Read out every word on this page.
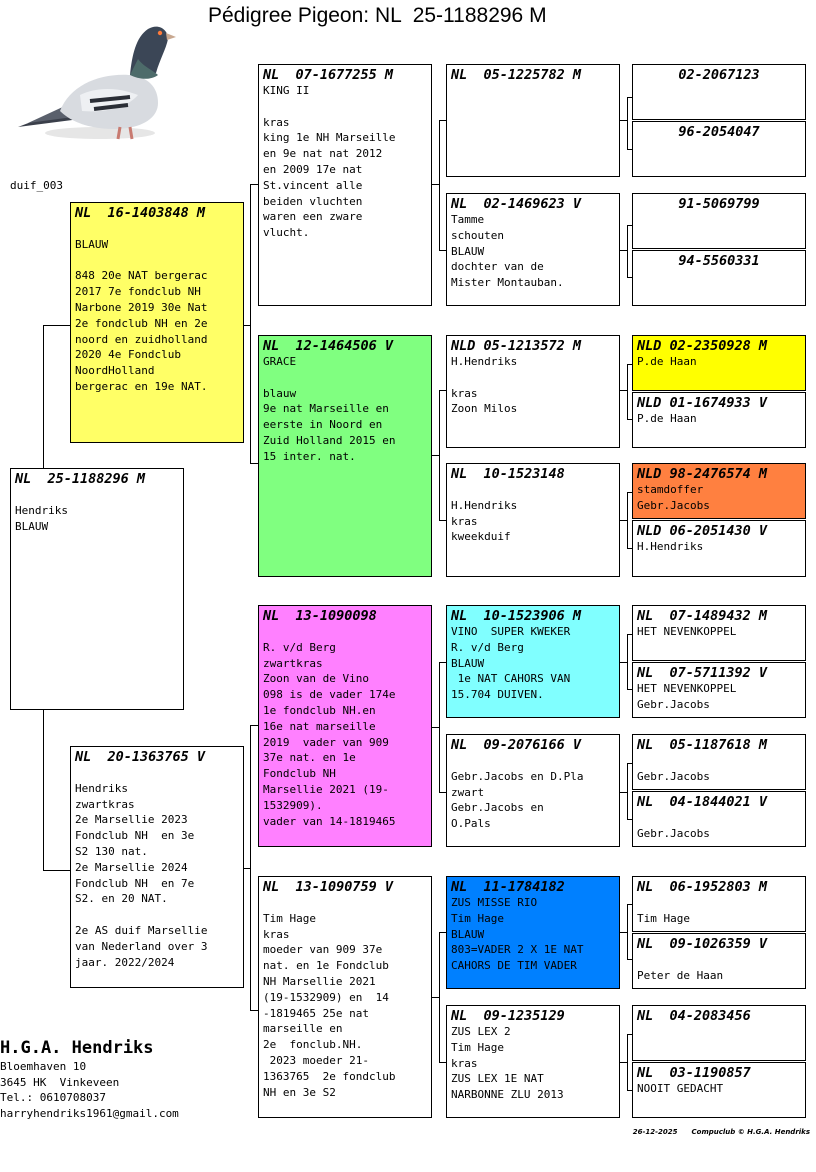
Pédigree Pigeon: NL  25-1188296 M
duif_003
NL  25-1188296 M

Hendriks
BLAUW
NL  16-1403848 M

BLAUW

848 20e NAT bergerac
2017 7e fondclub NH
Narbone 2019 30e Nat
2e fondclub NH en 2e
noord en zuidholland
2020 4e Fondclub
NoordHolland
bergerac en 19e NAT.
NL  20-1363765 V

Hendriks
zwartkras
2e Marsellie 2023
Fondclub NH  en 3e
S2 130 nat.
2e Marsellie 2024
Fondclub NH  en 7e
S2. en 20 NAT.

2e AS duif Marsellie
van Nederland over 3
jaar. 2022/2024
NL  07-1677255 M
KING II

kras
king 1e NH Marseille
en 9e nat nat 2012
en 2009 17e nat
St.vincent alle
beiden vluchten
waren een zware
vlucht.
NL  12-1464506 V
GRACE

blauw
9e nat Marseille en
eerste in Noord en
Zuid Holland 2015 en
15 inter. nat.
NL  13-1090098

R. v/d Berg
zwartkras
Zoon van de Vino
098 is de vader 174e
1e fondclub NH.en
16e nat marseille
2019  vader van 909
37e nat. en 1e
Fondclub NH
Marsellie 2021 (19-
1532909).
vader van 14-1819465
NL  13-1090759 V

Tim Hage
kras
moeder van 909 37e
nat. en 1e Fondclub
NH Marsellie 2021
(19-1532909) en  14
-1819465 25e nat
marseille en
2e  fonclub.NH.
2023 moeder 21-
1363765  2e fondclub
NH en 3e S2
NL  05-1225782 M
NL  02-1469623 V
Tamme
schouten
BLAUW
dochter van de
Mister Montauban.
NLD 05-1213572 M
H.Hendriks

kras
Zoon Milos
NL  10-1523148

H.Hendriks
kras
kweekduif
NL  10-1523906 M
VINO  SUPER KWEKER
R. v/d Berg
BLAUW
1e NAT CAHORS VAN
15.704 DUIVEN.
NL  09-2076166 V

Gebr.Jacobs en D.Pla
zwart
Gebr.Jacobs en
O.Pals
NL  11-1784182
ZUS MISSE RIO
Tim Hage
BLAUW
803=VADER 2 X 1E NAT
CAHORS DE TIM VADER
NL  09-1235129
ZUS LEX 2
Tim Hage
kras
ZUS LEX 1E NAT
NARBONNE ZLU 2013
02-2067123
96-2054047
91-5069799
94-5560331
NLD 02-2350928 M
P.de Haan
NLD 01-1674933 V
P.de Haan
NLD 98-2476574 M
stamdoffer
Gebr.Jacobs
NLD 06-2051430 V
H.Hendriks
NL  07-1489432 M
HET NEVENKOPPEL
NL  07-5711392 V
HET NEVENKOPPEL
Gebr.Jacobs
NL  05-1187618 M

Gebr.Jacobs
NL  04-1844021 V

Gebr.Jacobs
NL  06-1952803 M

Tim Hage
NL  09-1026359 V

Peter de Haan
NL  04-2083456
NL  03-1190857
NOOIT GEDACHT
H.G.A. Hendriks
Bloemhaven 10
3645 HK  Vinkeveen
Tel.: 0610708037
harryhendriks1961@gmail.com
26-12-2025 Compuclub © H.G.A. Hendriks
